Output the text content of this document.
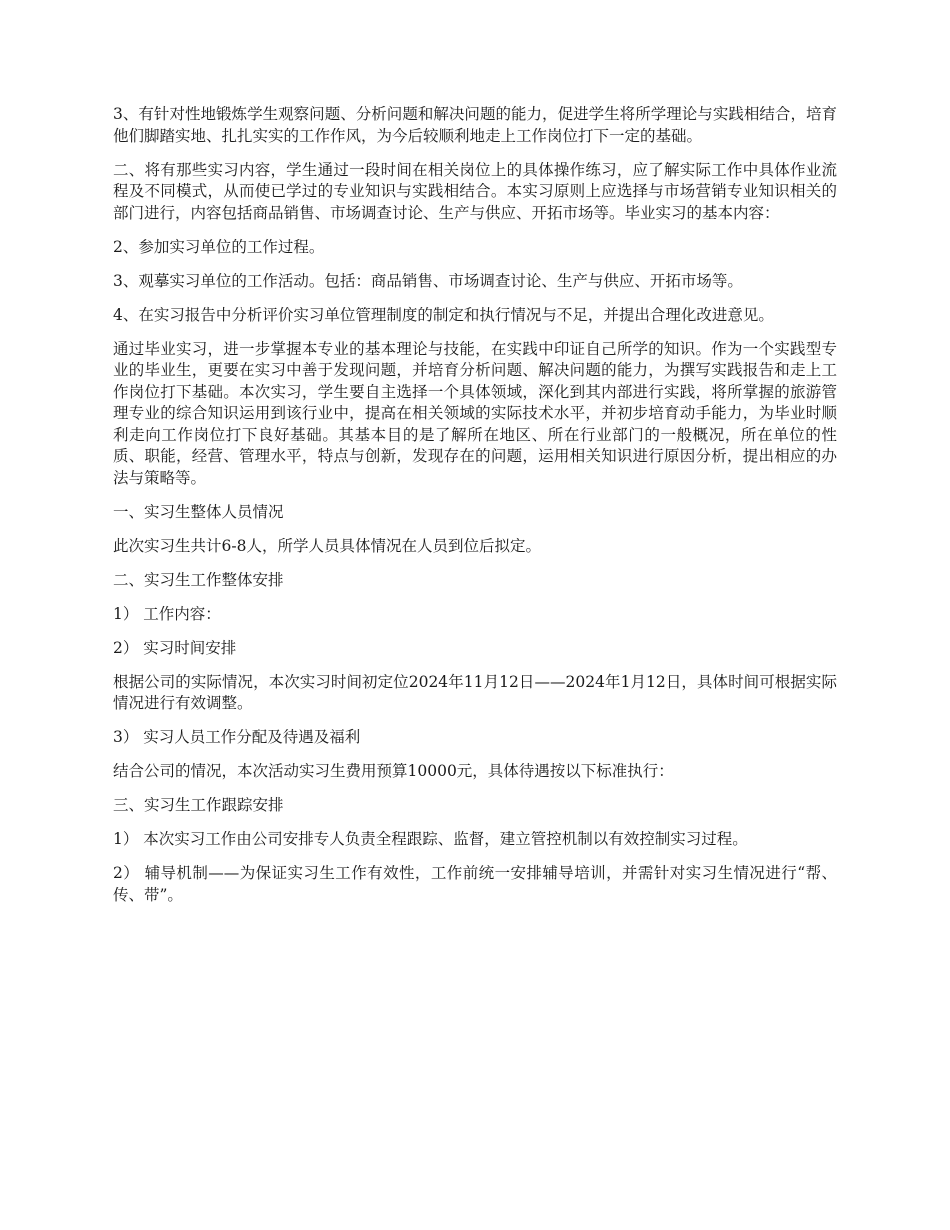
3、有针对性地锻炼学生观察问题、分析问题和解决问题的能力，促进学生将所学理论与实践相结合，培育他们脚踏实地、扎扎实实的工作作风，为今后较顺利地走上工作岗位打下一定的基础。

二、将有那些实习内容，学生通过一段时间在相关岗位上的具体操作练习，应了解实际工作中具体作业流程及不同模式，从而使已学过的专业知识与实践相结合。本实习原则上应选择与市场营销专业知识相关的部门进行，内容包括商品销售、市场调查讨论、生产与供应、开拓市场等。毕业实习的基本内容：

2、参加实习单位的工作过程。

3、观摹实习单位的工作活动。包括：商品销售、市场调查讨论、生产与供应、开拓市场等。

4、在实习报告中分析评价实习单位管理制度的制定和执行情况与不足，并提出合理化改进意见。

通过毕业实习，进一步掌握本专业的基本理论与技能，在实践中印证自己所学的知识。作为一个实践型专业的毕业生，更要在实习中善于发现问题，并培育分析问题、解决问题的能力，为撰写实践报告和走上工作岗位打下基础。本次实习，学生要自主选择一个具体领域，深化到其内部进行实践，将所掌握的旅游管理专业的综合知识运用到该行业中，提高在相关领域的实际技术水平，并初步培育动手能力，为毕业时顺利走向工作岗位打下良好基础。其基本目的是了解所在地区、所在行业部门的一般概况，所在单位的性质、职能，经营、管理水平，特点与创新，发现存在的问题，运用相关知识进行原因分析，提出相应的办法与策略等。

一、实习生整体人员情况

此次实习生共计6-8人，所学人员具体情况在人员到位后拟定。

二、实习生工作整体安排

1） 工作内容：

2） 实习时间安排

根据公司的实际情况，本次实习时间初定位2024年11月12日——2024年1月12日，具体时间可根据实际情况进行有效调整。

3） 实习人员工作分配及待遇及福利

结合公司的情况，本次活动实习生费用预算10000元，具体待遇按以下标准执行：

三、实习生工作跟踪安排

1） 本次实习工作由公司安排专人负责全程跟踪、监督，建立管控机制以有效控制实习过程。

2） 辅导机制——为保证实习生工作有效性，工作前统一安排辅导培训，并需针对实习生情况进行“帮、传、带”。
